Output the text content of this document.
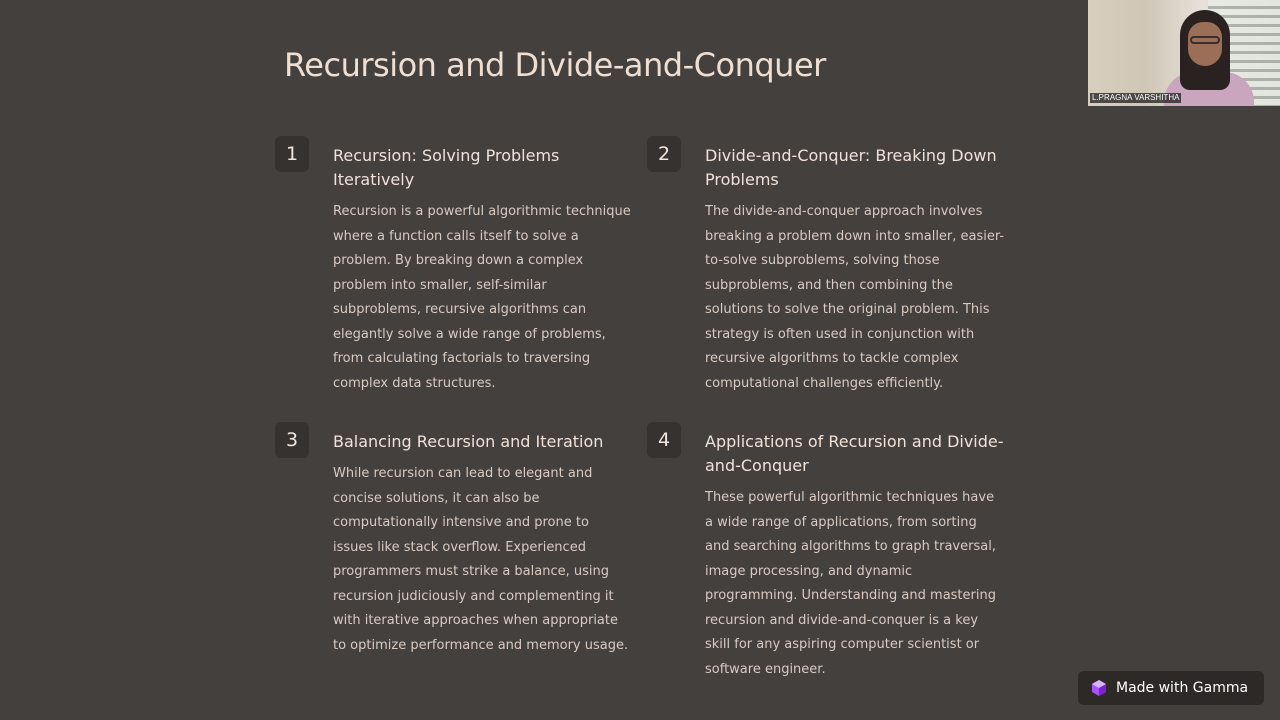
Recursion and Divide-and-Conquer
1	Recursion: Solving Problems Iteratively

Recursion is a powerful algorithmic technique where a function calls itself to solve a problem. By breaking down a complex problem into smaller, self-similar subproblems, recursive algorithms can elegantly solve a wide range of problems, from calculating factorials to traversing complex data structures.

2	Divide-and-Conquer: Breaking Down Problems

The divide-and-conquer approach involves breaking a problem down into smaller, easier-to-solve subproblems, solving those subproblems, and then combining the solutions to solve the original problem. This strategy is often used in conjunction with recursive algorithms to tackle complex computational challenges efficiently.

3	Balancing Recursion and Iteration

While recursion can lead to elegant and concise solutions, it can also be computationally intensive and prone to issues like stack overflow. Experienced programmers must strike a balance, using recursion judiciously and complementing it with iterative approaches when appropriate to optimize performance and memory usage.

4	Applications of Recursion and Divide-and-Conquer

These powerful algorithmic techniques have a wide range of applications, from sorting and searching algorithms to graph traversal, image processing, and dynamic programming. Understanding and mastering recursion and divide-and-conquer is a key skill for any aspiring computer scientist or software engineer.

L.PRAGNA VARSHITHA
Made with Gamma
